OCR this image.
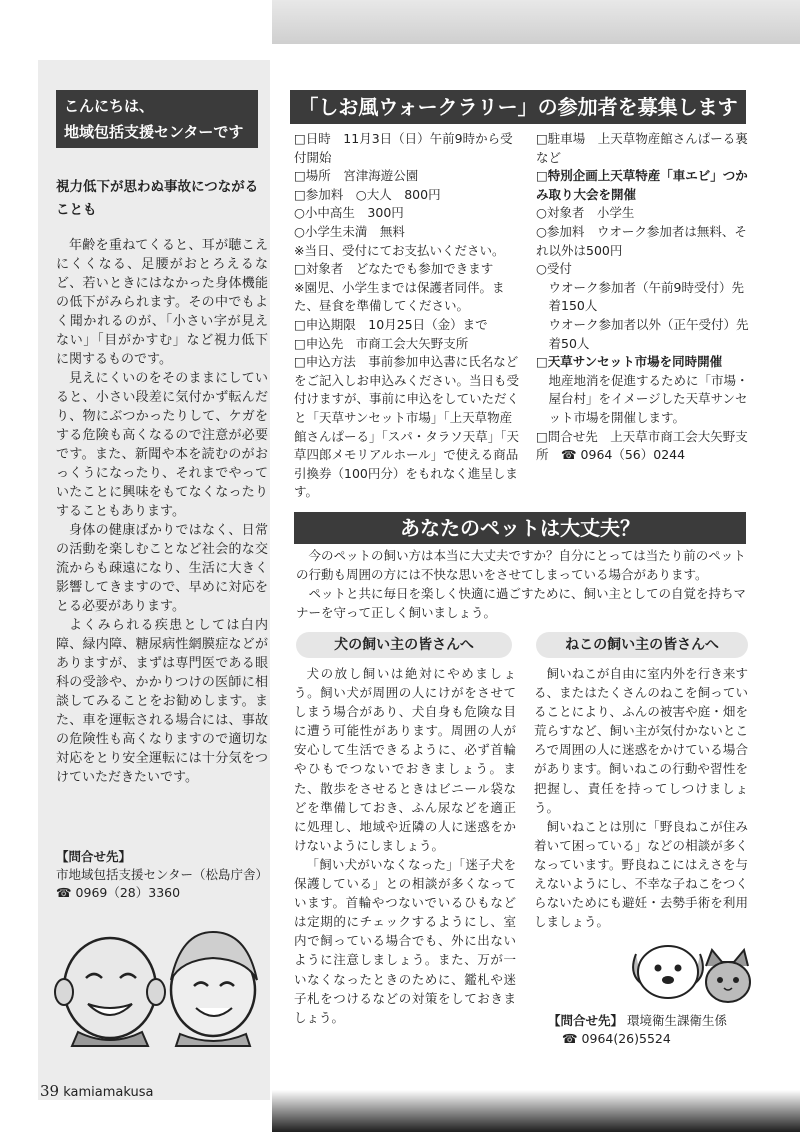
こんにちは、
地域包括支援センターです
視力低下が思わぬ事故につながる
ことも

年齢を重ねてくると、耳が聴こえにくくなる、足腰がおとろえるなど、若いときにはなかった身体機能の低下がみられます。その中でもよく聞かれるのが、「小さい字が見えない」「目がかすむ」など視力低下に関するものです。

見えにくいのをそのままにしていると、小さい段差に気付かず転んだり、物にぶつかったりして、ケガをする危険も高くなるので注意が必要です。また、新聞や本を読むのがおっくうになったり、それまでやっていたことに興味をもてなくなったりすることもあります。

身体の健康ばかりではなく、日常の活動を楽しむことなど社会的な交流からも疎遠になり、生活に大きく影響してきますので、早めに対応をとる必要があります。

よくみられる疾患としては白内障、緑内障、糖尿病性網膜症などがありますが、まずは専門医である眼科の受診や、かかりつけの医師に相談してみることをお勧めします。また、車を運転される場合には、事故の危険性も高くなりますので適切な対応をとり安全運転には十分気をつけていただきたいです。

【問合せ先】
市地域包括支援センター（松島庁舎）
☎ 0969（28）3360
39 kamiamakusa
「しお風ウォークラリー」の参加者を募集します
□日時　11月3日（日）午前9時から受付開始
□場所　宮津海遊公園
□参加料　○大人　800円
○小中高生　300円
○小学生未満　無料
※当日、受付にてお支払いください。
□対象者　どなたでも参加できます
※園児、小学生までは保護者同伴。また、昼食を準備してください。
□申込期限　10月25日（金）まで
□申込先　市商工会大矢野支所
□申込方法　事前参加申込書に氏名などをご記入しお申込みください。当日も受付けますが、事前に申込をしていただくと「天草サンセット市場」「上天草物産館さんぱーる」「スパ・タラソ天草」「天草四郎メモリアルホール」で使える商品引換券（100円分）をもれなく進呈します。
□駐車場　上天草物産館さんぱーる裏など
□特別企画上天草特産「車エビ」つかみ取り大会を開催
○対象者　小学生
○参加料　ウオーク参加者は無料、それ以外は500円
○受付
ウオーク参加者（午前9時受付）先着150人
ウオーク参加者以外（正午受付）先着50人
□天草サンセット市場を同時開催
地産地消を促進するために「市場・屋台村」をイメージした天草サンセット市場を開催します。
□問合せ先　上天草市商工会大矢野支所　☎ 0964（56）0244
あなたのペットは大丈夫？

今のペットの飼い方は本当に大丈夫ですか？自分にとっては当たり前のペットの行動も周囲の方には不快な思いをさせてしまっている場合があります。

ペットと共に毎日を楽しく快適に過ごすために、飼い主としての自覚を持ちマナーを守って正しく飼いましょう。

犬の飼い主の皆さんへ	ねこの飼い主の皆さんへ

犬の放し飼いは絶対にやめましょう。飼い犬が周囲の人にけがをさせてしまう場合があり、犬自身も危険な目に遭う可能性があります。周囲の人が安心して生活できるように、必ず首輪やひもでつないでおきましょう。また、散歩をさせるときはビニール袋などを準備しておき、ふん尿などを適正に処理し、地域や近隣の人に迷惑をかけないようにしましょう。

「飼い犬がいなくなった」「迷子犬を保護している」との相談が多くなっています。首輪やつないでいるひもなどは定期的にチェックするようにし、室内で飼っている場合でも、外に出ないように注意しましょう。また、万が一いなくなったときのために、鑑札や迷子札をつけるなどの対策をしておきましょう。

飼いねこが自由に室内外を行き来する、またはたくさんのねこを飼っていることにより、ふんの被害や庭・畑を荒らすなど、飼い主が気付かないところで周囲の人に迷惑をかけている場合があります。飼いねこの行動や習性を把握し、責任を持ってしつけましょう。

飼いねことは別に「野良ねこが住み着いて困っている」などの相談が多くなっています。野良ねこにはえさを与えないようにし、不幸な子ねこをつくらないためにも避妊・去勢手術を利用しましょう。

【問合せ先】 環境衛生課衛生係
☎ 0964(26)5524
